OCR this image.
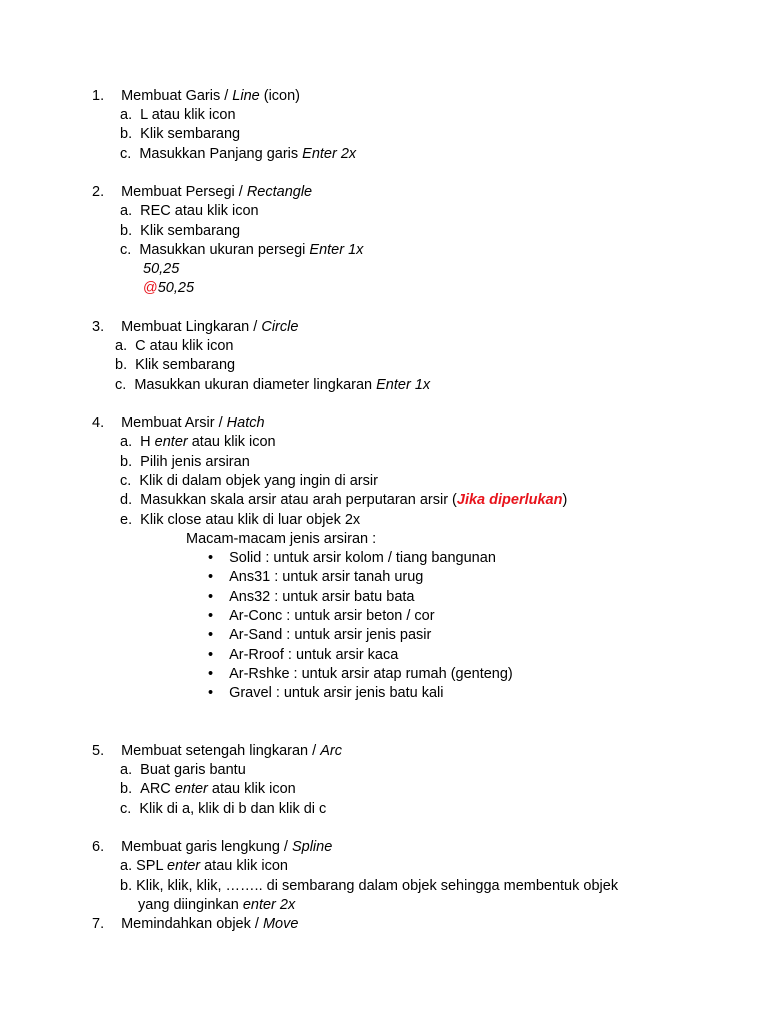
1. Membuat Garis / Line (icon)
a. L atau klik icon
b. Klik sembarang
c. Masukkan Panjang garis Enter 2x
2. Membuat Persegi / Rectangle
a. REC atau klik icon
b. Klik sembarang
c. Masukkan ukuran persegi Enter 1x
50,25
@50,25
3. Membuat Lingkaran / Circle
a. C atau klik icon
b. Klik sembarang
c. Masukkan ukuran diameter lingkaran Enter 1x
4. Membuat Arsir / Hatch
a. H enter atau klik icon
b. Pilih jenis arsiran
c. Klik di dalam objek yang ingin di arsir
d. Masukkan skala arsir atau arah perputaran arsir (Jika diperlukan)
e. Klik close atau klik di luar objek 2x
Macam-macam jenis arsiran :
• Solid : untuk arsir kolom / tiang bangunan
• Ans31 : untuk arsir tanah urug
• Ans32 : untuk arsir batu bata
• Ar-Conc : untuk arsir beton / cor
• Ar-Sand : untuk arsir jenis pasir
• Ar-Rroof : untuk arsir kaca
• Ar-Rshke : untuk arsir atap rumah (genteng)
• Gravel : untuk arsir jenis batu kali
5. Membuat setengah lingkaran / Arc
a. Buat garis bantu
b. ARC enter atau klik icon
c. Klik di a, klik di b dan klik di c
6. Membuat garis lengkung / Spline
a. SPL enter atau klik icon
b. Klik, klik, klik, …….. di sembarang dalam objek sehingga membentuk objek
yang diinginkan enter 2x
7. Memindahkan objek / Move
